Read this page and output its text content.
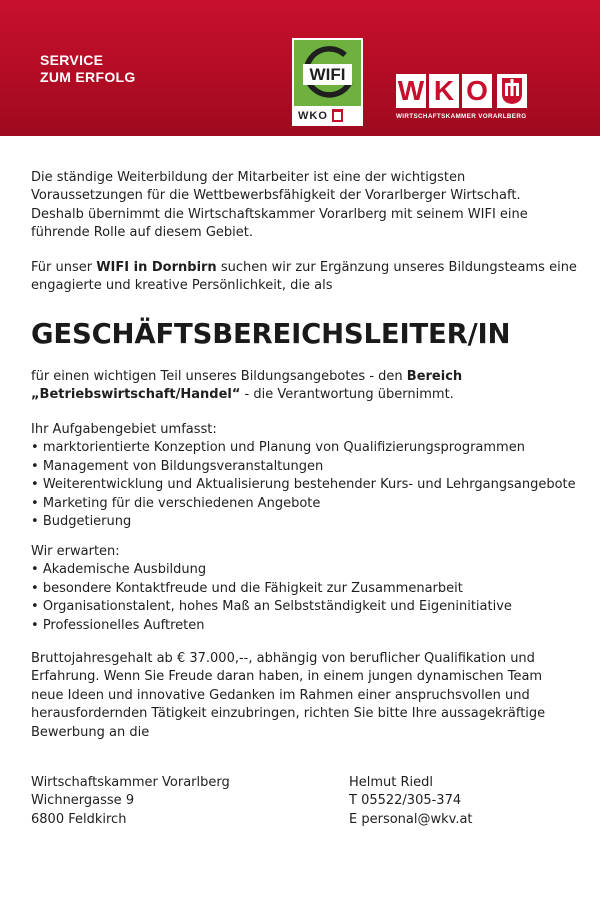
SERVICE
ZUM ERFOLG	WIFI
WKO
W K O
WIRTSCHAFTSKAMMER VORARLBERG
Die ständige Weiterbildung der Mitarbeiter ist eine der wichtigsten
Voraussetzungen für die Wettbewerbsfähigkeit der Vorarlberger Wirtschaft.
Deshalb übernimmt die Wirtschaftskammer Vorarlberg mit seinem WIFI eine
führende Rolle auf diesem Gebiet.
Für unser WIFI in Dornbirn suchen wir zur Ergänzung unseres Bildungsteams eine
engagierte und kreative Persönlichkeit, die als
GESCHÄFTSBEREICHSLEITER/IN
für einen wichtigen Teil unseres Bildungsangebotes - den Bereich
„Betriebswirtschaft/Handel“ - die Verantwortung übernimmt.
Ihr Aufgabengebiet umfasst:
• marktorientierte Konzeption und Planung von Qualifizierungsprogrammen
• Management von Bildungsveranstaltungen
• Weiterentwicklung und Aktualisierung bestehender Kurs- und Lehrgangsangebote
• Marketing für die verschiedenen Angebote
• Budgetierung
Wir erwarten:
• Akademische Ausbildung
• besondere Kontaktfreude und die Fähigkeit zur Zusammenarbeit
• Organisationstalent, hohes Maß an Selbstständigkeit und Eigeninitiative
• Professionelles Auftreten
Bruttojahresgehalt ab € 37.000,--, abhängig von beruflicher Qualifikation und
Erfahrung. Wenn Sie Freude daran haben, in einem jungen dynamischen Team
neue Ideen und innovative Gedanken im Rahmen einer anspruchsvollen und
herausfordernden Tätigkeit einzubringen, richten Sie bitte Ihre aussagekräftige
Bewerbung an die
Wirtschaftskammer Vorarlberg
Wichnergasse 9
6800 Feldkirch
Helmut Riedl
T 05522/305-374
E personal@wkv.at
